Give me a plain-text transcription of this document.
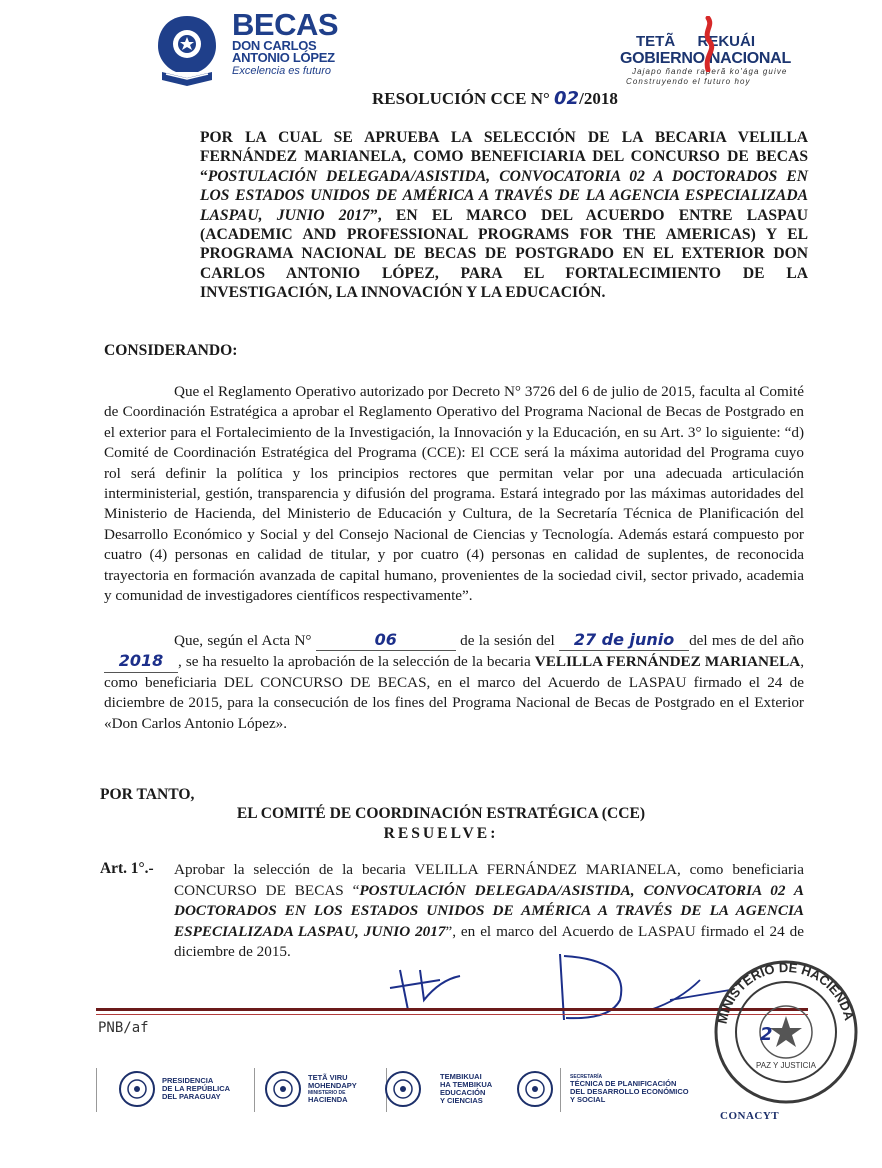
BECAS
DON CARLOS
ANTONIO LÓPEZ
Excelencia es futuro
TETÃ REKUÁI
GOBIERNO NACIONAL
Jajapo ñande raperã ko'ága guive
Construyendo el futuro hoy
RESOLUCIÓN CCE N° 02/2018
POR LA CUAL SE APRUEBA LA SELECCIÓN DE LA BECARIA VELILLA FERNÁNDEZ MARIANELA, COMO BENEFICIARIA DEL CONCURSO DE BECAS “POSTULACIÓN DELEGADA/ASISTIDA, CONVOCATORIA 02 A DOCTORADOS EN LOS ESTADOS UNIDOS DE AMÉRICA A TRAVÉS DE LA AGENCIA ESPECIALIZADA LASPAU, JUNIO 2017”, EN EL MARCO DEL ACUERDO ENTRE LASPAU (ACADEMIC AND PROFESSIONAL PROGRAMS FOR THE AMERICAS) Y EL PROGRAMA NACIONAL DE BECAS DE POSTGRADO EN EL EXTERIOR DON CARLOS ANTONIO LÓPEZ, PARA EL FORTALECIMIENTO DE LA INVESTIGACIÓN, LA INNOVACIÓN Y LA EDUCACIÓN.
CONSIDERANDO:
Que el Reglamento Operativo autorizado por Decreto N° 3726 del 6 de julio de 2015, faculta al Comité de Coordinación Estratégica a aprobar el Reglamento Operativo del Programa Nacional de Becas de Postgrado en el exterior para el Fortalecimiento de la Investigación, la Innovación y la Educación, en su Art. 3° lo siguiente: “d) Comité de Coordinación Estratégica del Programa (CCE): El CCE será la máxima autoridad del Programa cuyo rol será definir la política y los principios rectores que permitan velar por una adecuada articulación interministerial, gestión, transparencia y difusión del programa. Estará integrado por las máximas autoridades del Ministerio de Hacienda, del Ministerio de Educación y Cultura, de la Secretaría Técnica de Planificación del Desarrollo Económico y Social y del Consejo Nacional de Ciencias y Tecnología. Además estará compuesto por cuatro (4) personas en calidad de titular, y por cuatro (4) personas en calidad de suplentes, de reconocida trayectoria en formación avanzada de capital humano, provenientes de la sociedad civil, sector privado, academia y comunidad de investigadores científicos respectivamente”.
Que, según el Acta N°	06	de la sesión del 27 de junio del mes de del año 2018 , se ha resuelto la aprobación de la selección de la becaria VELILLA FERNÁNDEZ MARIANELA, como beneficiaria DEL CONCURSO DE BECAS, en el marco del Acuerdo de LASPAU firmado el 24 de diciembre de 2015, para la consecución de los fines del Programa Nacional de Becas de Postgrado en el Exterior «Don Carlos Antonio López».
POR TANTO,
EL COMITÉ DE COORDINACIÓN ESTRATÉGICA (CCE)
RESUELVE:
Art. 1°.- Aprobar la selección de la becaria VELILLA FERNÁNDEZ MARIANELA, como beneficiaria CONCURSO DE BECAS “POSTULACIÓN DELEGADA/ASISTIDA, CONVOCATORIA 02 A DOCTORADOS EN LOS ESTADOS UNIDOS DE AMÉRICA A TRAVÉS DE LA AGENCIA ESPECIALIZADA LASPAU, JUNIO 2017”, en el marco del Acuerdo de LASPAU firmado el 24 de diciembre de 2015.
PNB/af
MINISTERIO DE HACIENDA
PAZ Y JUSTICIA
2
PRESIDENCIA
DE LA REPÚBLICA
DEL PARAGUAY
TETÃ VIRU
MOHENDAPY
MINISTERIO DE
HACIENDA
TEMBIKUAI
HA TEMBIKUA
EDUCACIÓN
Y CIENCIAS
SECRETARÍA
TÉCNICA DE PLANIFICACIÓN
DEL DESARROLLO ECONÓMICO
Y SOCIAL
CONACYT
